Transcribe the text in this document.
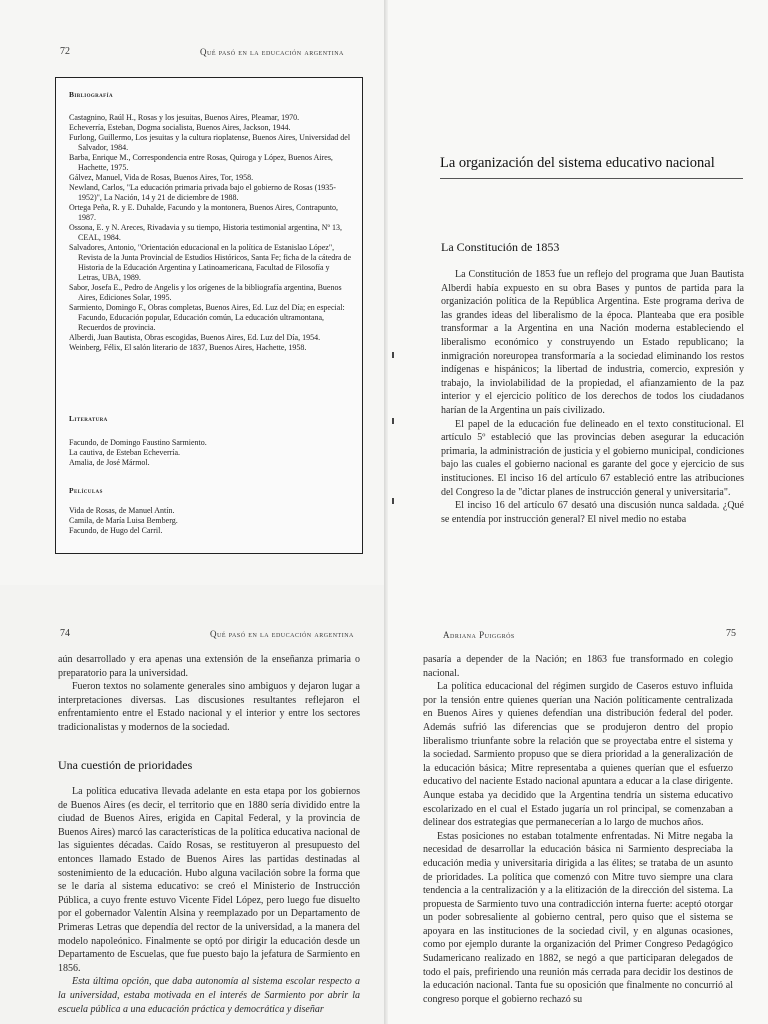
72	Qué pasó en la educación argentina
Bibliografía

Castagnino, Raúl H., Rosas y los jesuitas, Buenos Aires, Pleamar, 1970.

Echeverría, Esteban, Dogma socialista, Buenos Aires, Jackson, 1944.

Furlong, Guillermo, Los jesuitas y la cultura rioplatense, Buenos Aires, Universidad del Salvador, 1984.

Barba, Enrique M., Correspondencia entre Rosas, Quiroga y López, Buenos Aires, Hachette, 1975.

Gálvez, Manuel, Vida de Rosas, Buenos Aires, Tor, 1958.

Newland, Carlos, "La educación primaria privada bajo el gobierno de Rosas (1935-1952)", La Nación, 14 y 21 de diciembre de 1988.

Ortega Peña, R. y E. Duhalde, Facundo y la montonera, Buenos Aires, Contrapunto, 1987.

Ossona, E. y N. Areces, Rivadavia y su tiempo, Historia testimonial argentina, Nº 13, CEAL, 1984.

Salvadores, Antonio, "Orientación educacional en la política de Estanislao López", Revista de la Junta Provincial de Estudios Históricos, Santa Fe; ficha de la cátedra de Historia de la Educación Argentina y Latinoamericana, Facultad de Filosofía y Letras, UBA, 1989.

Sabor, Josefa E., Pedro de Angelis y los orígenes de la bibliografía argentina, Buenos Aires, Ediciones Solar, 1995.

Sarmiento, Domingo F., Obras completas, Buenos Aires, Ed. Luz del Día; en especial: Facundo, Educación popular, Educación común, La educación ultramontana, Recuerdos de provincia.

Alberdi, Juan Bautista, Obras escogidas, Buenos Aires, Ed. Luz del Día, 1954.

Weinberg, Félix, El salón literario de 1837, Buenos Aires, Hachette, 1958.

Literatura

Facundo, de Domingo Faustino Sarmiento.

La cautiva, de Esteban Echeverría.

Amalia, de José Mármol.

Películas

Vida de Rosas, de Manuel Antín.

Camila, de María Luisa Bemberg.

Facundo, de Hugo del Carril.

La organización del sistema educativo nacional
La Constitución de 1853

La Constitución de 1853 fue un reflejo del programa que Juan Bautista Alberdi había expuesto en su obra Bases y puntos de partida para la organización política de la República Argentina. Este programa deriva de las grandes ideas del liberalismo de la época. Planteaba que era posible transformar a la Argentina en una Nación moderna estableciendo el liberalismo económico y construyendo un Estado republicano; la inmigración noreuropea transformaría a la sociedad eliminando los restos indígenas e hispánicos; la libertad de industria, comercio, expresión y trabajo, la inviolabilidad de la propiedad, el afianzamiento de la paz interior y el ejercicio político de los derechos de todos los ciudadanos harían de la Argentina un país civilizado.

El papel de la educación fue delineado en el texto constitucional. El artículo 5º estableció que las provincias deben asegurar la educación primaria, la administración de justicia y el gobierno municipal, condiciones bajo las cuales el gobierno nacional es garante del goce y ejercicio de sus instituciones. El inciso 16 del artículo 67 estableció entre las atribuciones del Congreso la de "dictar planes de instrucción general y universitaria".

El inciso 16 del artículo 67 desató una discusión nunca saldada. ¿Qué se entendía por instrucción general? El nivel medio no estaba

74	Qué pasó en la educación argentina

aún desarrollado y era apenas una extensión de la enseñanza primaria o preparatorio para la universidad.

Fueron textos no solamente generales sino ambiguos y dejaron lugar a interpretaciones diversas. Las discusiones resultantes reflejaron el enfrentamiento entre el Estado nacional y el interior y entre los sectores tradicionalistas y modernos de la sociedad.

Una cuestión de prioridades

La política educativa llevada adelante en esta etapa por los gobiernos de Buenos Aires (es decir, el territorio que en 1880 sería dividido entre la ciudad de Buenos Aires, erigida en Capital Federal, y la provincia de Buenos Aires) marcó las características de la política educativa nacional de las siguientes décadas. Caído Rosas, se restituyeron al presupuesto del entonces llamado Estado de Buenos Aires las partidas destinadas al sostenimiento de la educación. Hubo alguna vacilación sobre la forma que se le daría al sistema educativo: se creó el Ministerio de Instrucción Pública, a cuyo frente estuvo Vicente Fidel López, pero luego fue disuelto por el gobernador Valentín Alsina y reemplazado por un Departamento de Primeras Letras que dependía del rector de la universidad, a la manera del modelo napoleónico. Finalmente se optó por dirigir la educación desde un Departamento de Escuelas, que fue puesto bajo la jefatura de Sarmiento en 1856.

Esta última opción, que daba autonomía al sistema escolar respecto a la universidad, estaba motivada en el interés de Sarmiento por abrir la escuela pública a una educación práctica y democrática y diseñar

Adriana Puiggrós	75

pasaría a depender de la Nación; en 1863 fue transformado en colegio nacional.

La política educacional del régimen surgido de Caseros estuvo influida por la tensión entre quienes querían una Nación políticamente centralizada en Buenos Aires y quienes defendían una distribución federal del poder. Además sufrió las diferencias que se produjeron dentro del propio liberalismo triunfante sobre la relación que se proyectaba entre el sistema y la sociedad. Sarmiento propuso que se diera prioridad a la generalización de la educación básica; Mitre representaba a quienes querían que el esfuerzo educativo del naciente Estado nacional apuntara a educar a la clase dirigente. Aunque estaba ya decidido que la Argentina tendría un sistema educativo escolarizado en el cual el Estado jugaría un rol principal, se comenzaban a delinear dos estrategias que permanecerían a lo largo de muchos años.

Estas posiciones no estaban totalmente enfrentadas. Ni Mitre negaba la necesidad de desarrollar la educación básica ni Sarmiento despreciaba la educación media y universitaria dirigida a las élites; se trataba de un asunto de prioridades. La política que comenzó con Mitre tuvo siempre una clara tendencia a la centralización y a la elitización de la dirección del sistema. La propuesta de Sarmiento tuvo una contradicción interna fuerte: aceptó otorgar un poder sobresaliente al gobierno central, pero quiso que el sistema se apoyara en las instituciones de la sociedad civil, y en algunas ocasiones, como por ejemplo durante la organización del Primer Congreso Pedagógico Sudamericano realizado en 1882, se negó a que participaran delegados de todo el país, prefiriendo una reunión más cerrada para decidir los destinos de la educación nacional. Tanta fue su oposición que finalmente no concurrió al congreso porque el gobierno rechazó su
